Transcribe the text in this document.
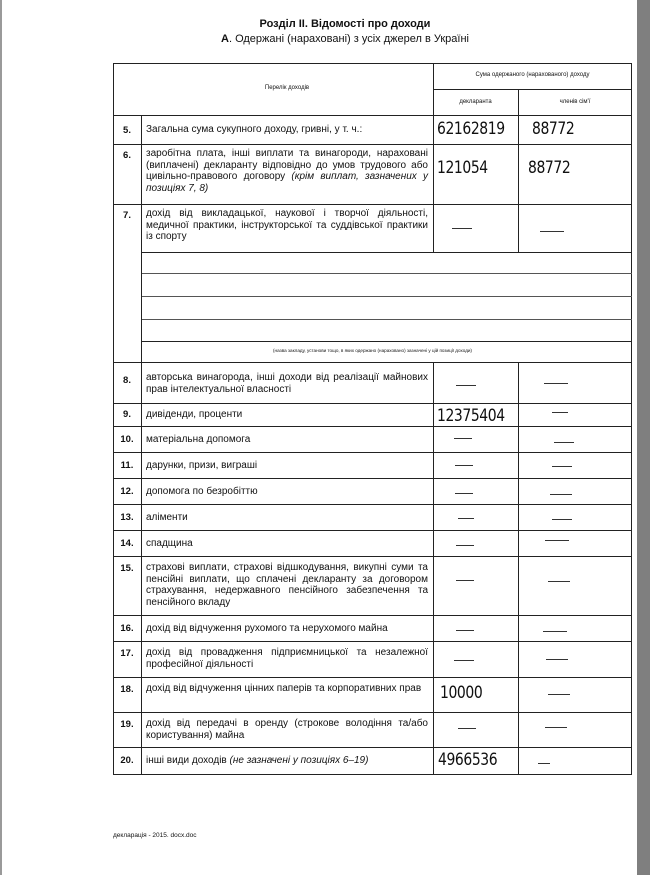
Розділ ІІ. Відомості про доходи
А. Одержані (нараховані) з усіх джерел в Україні
Перелік доходів
Сума одержаного (нарахованого) доходу
декларанта	членів сім'ї
5.
6.
7.
8.
9.
10.
11.
12.
13.
14.
15.
16.
17.
18.
19.
20.
Загальна сума сукупного доходу, гривні, у т. ч.:
заробітна плата, інші виплати та винагороди, нараховані (виплачені) декларанту відповідно до умов трудового або цивільно-правового договору (крім виплат, зазначених у позиціях 7, 8)
дохід від викладацької, наукової і творчої діяльності, медичної практики, інструкторської та суддівської практики із спорту
(назва закладу, установи тощо, в яких одержано (нараховано) зазначені у цій позиції доходи)
авторська винагорода, інші доходи від реалізації майнових прав інтелектуальної власності
дивіденди, проценти
матеріальна допомога
дарунки, призи, виграші
допомога по безробіттю
аліменти
спадщина
страхові виплати, страхові відшкодування, викупні суми та пенсійні виплати, що сплачені декларанту за договором страхування, недержавного пенсійного забезпечення та пенсійного вкладу
дохід від відчуження рухомого та нерухомого майна
дохід від провадження підприємницької та незалежної професійної діяльності
дохід від відчуження цінних паперів та корпоративних прав
дохід від передачі в оренду (строкове володіння та/або користування) майна
інші види доходів (не зазначені у позиціях 6–19)
62162819 88772
121054 88772
12375404
10000
4966536
декларація - 2015. docx.doc
